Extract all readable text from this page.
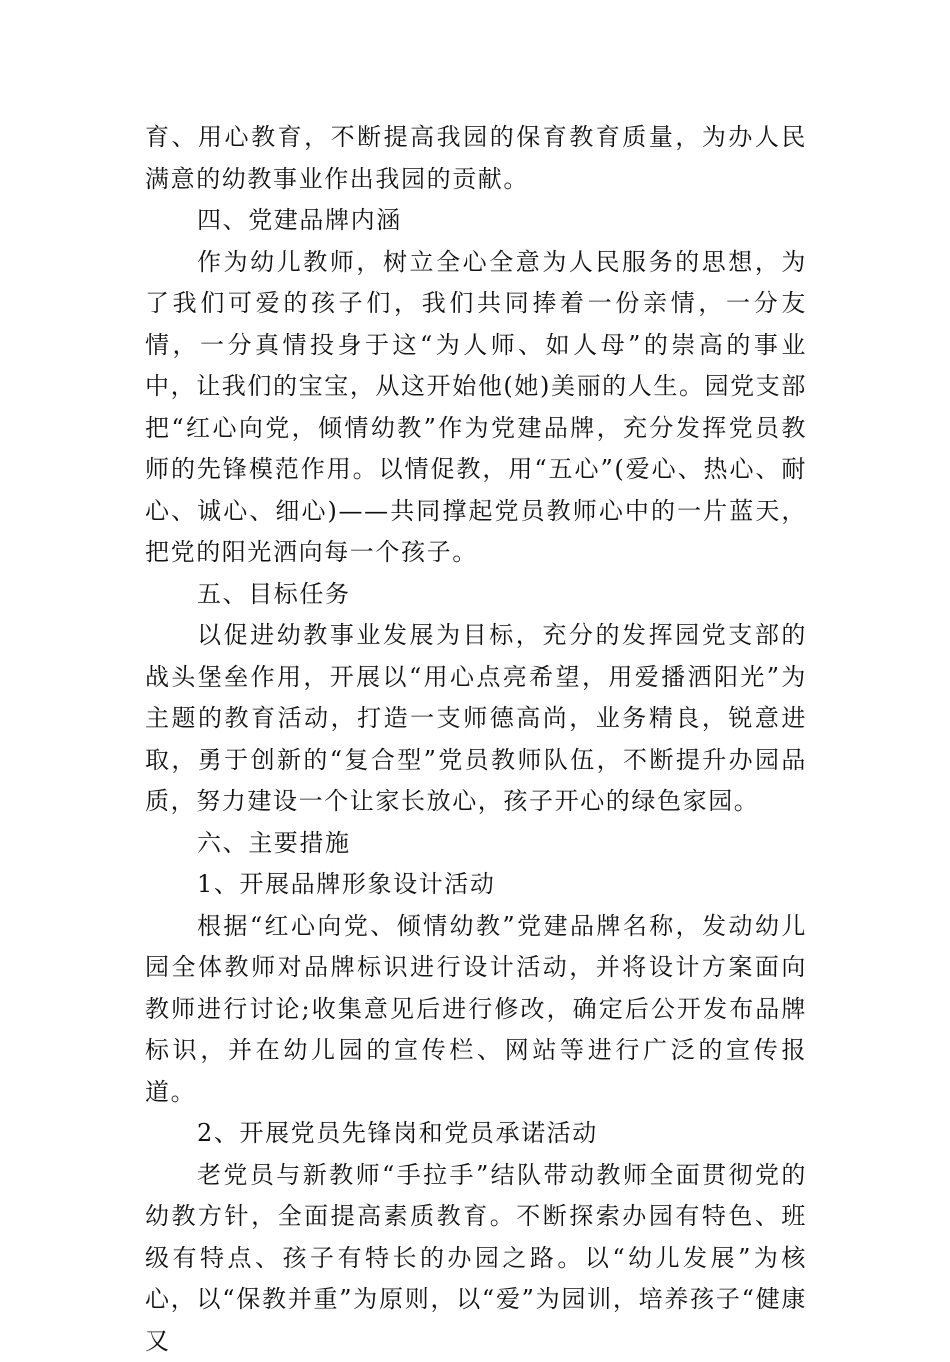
育、用心教育，不断提高我园的保育教育质量，为办人民满意的幼教事业作出我园的贡献。

四、党建品牌内涵

作为幼儿教师，树立全心全意为人民服务的思想，为了我们可爱的孩子们，我们共同捧着一份亲情，一分友情，一分真情投身于这“为人师、如人母”的崇高的事业中，让我们的宝宝，从这开始他(她)美丽的人生。园党支部把“红心向党，倾情幼教”作为党建品牌，充分发挥党员教师的先锋模范作用。以情促教，用“五心”(爱心、热心、耐心、诚心、细心)——共同撑起党员教师心中的一片蓝天，把党的阳光洒向每一个孩子。

五、目标任务

以促进幼教事业发展为目标，充分的发挥园党支部的战头堡垒作用，开展以“用心点亮希望，用爱播洒阳光”为主题的教育活动，打造一支师德高尚，业务精良，锐意进取，勇于创新的“复合型”党员教师队伍，不断提升办园品质，努力建设一个让家长放心，孩子开心的绿色家园。

六、主要措施

1、开展品牌形象设计活动

根据“红心向党、倾情幼教”党建品牌名称，发动幼儿园全体教师对品牌标识进行设计活动，并将设计方案面向教师进行讨论;收集意见后进行修改，确定后公开发布品牌标识，并在幼儿园的宣传栏、网站等进行广泛的宣传报道。

2、开展党员先锋岗和党员承诺活动

老党员与新教师“手拉手”结队带动教师全面贯彻党的幼教方针，全面提高素质教育。不断探索办园有特色、班级有特点、孩子有特长的办园之路。以“幼儿发展”为核心，以“保教并重”为原则，以“爱”为园训，培养孩子“健康又
